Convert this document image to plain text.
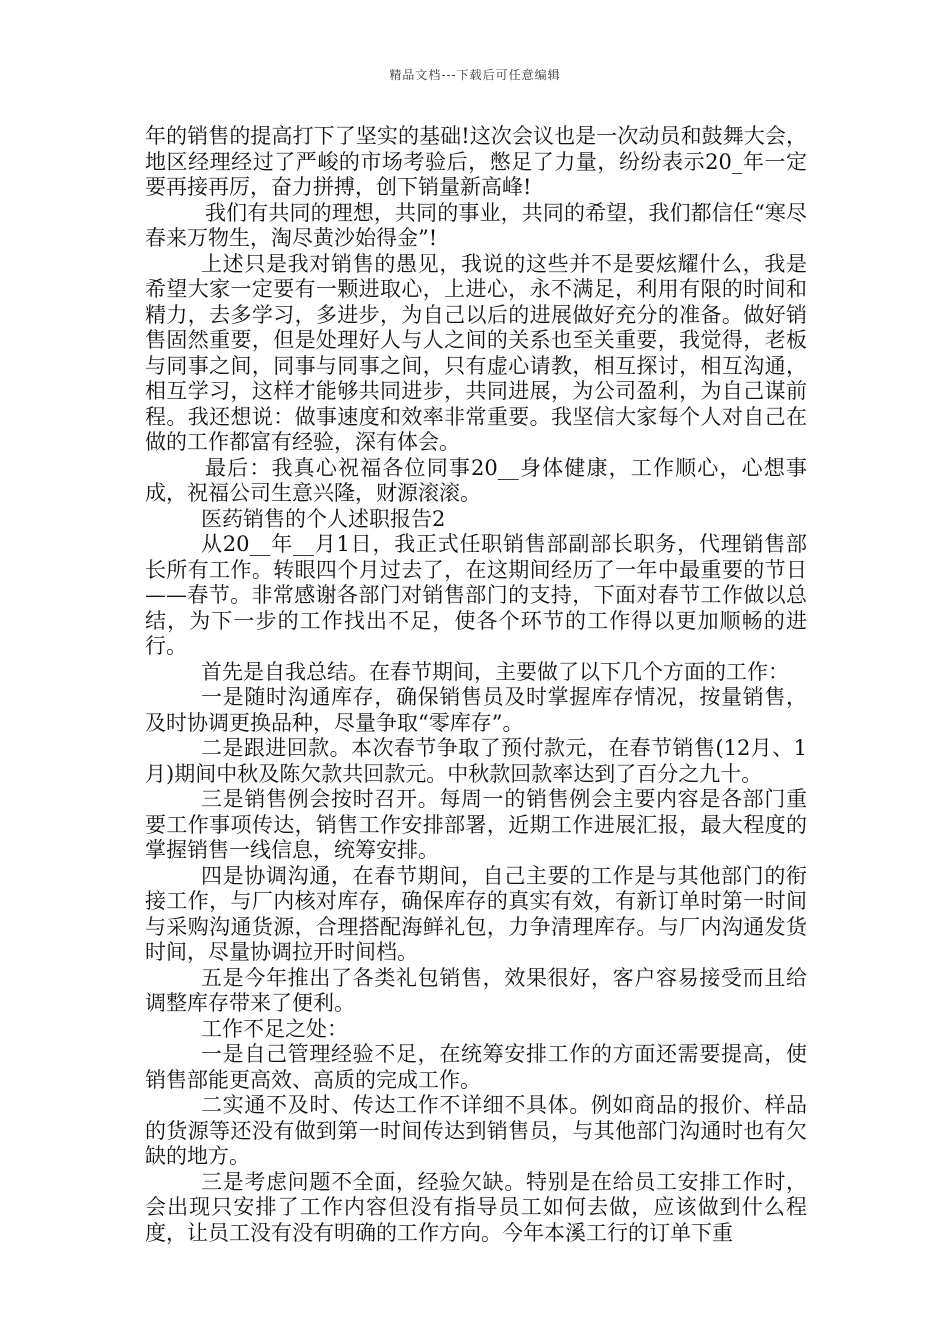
精品文档---下载后可任意编辑

年的销售的提高打下了坚实的基础!这次会议也是一次动员和鼓舞大会，地区经理经过了严峻的市场考验后，憋足了力量，纷纷表示20_年一定要再接再厉，奋力拼搏，创下销量新高峰!

我们有共同的理想，共同的事业，共同的希望，我们都信任“寒尽春来万物生，淘尽黄沙始得金”!

上述只是我对销售的愚见，我说的这些并不是要炫耀什么，我是希望大家一定要有一颗进取心，上进心，永不满足，利用有限的时间和精力，去多学习，多进步，为自己以后的进展做好充分的准备。做好销售固然重要，但是处理好人与人之间的关系也至关重要，我觉得，老板与同事之间，同事与同事之间，只有虚心请教，相互探讨，相互沟通，相互学习，这样才能够共同进步，共同进展，为公司盈利，为自己谋前程。我还想说：做事速度和效率非常重要。我坚信大家每个人对自己在做的工作都富有经验，深有体会。

最后：我真心祝福各位同事20__身体健康，工作顺心，心想事成，祝福公司生意兴隆，财源滚滚。

医药销售的个人述职报告2

从20__年__月1日，我正式任职销售部副部长职务，代理销售部长所有工作。转眼四个月过去了，在这期间经历了一年中最重要的节日——春节。非常感谢各部门对销售部门的支持，下面对春节工作做以总结，为下一步的工作找出不足，使各个环节的工作得以更加顺畅的进行。

首先是自我总结。在春节期间，主要做了以下几个方面的工作：

一是随时沟通库存，确保销售员及时掌握库存情况，按量销售，及时协调更换品种，尽量争取“零库存”。

二是跟进回款。本次春节争取了预付款元，在春节销售(12月、1月)期间中秋及陈欠款共回款元。中秋款回款率达到了百分之九十。

三是销售例会按时召开。每周一的销售例会主要内容是各部门重要工作事项传达，销售工作安排部署，近期工作进展汇报，最大程度的掌握销售一线信息，统筹安排。

四是协调沟通，在春节期间，自己主要的工作是与其他部门的衔接工作，与厂内核对库存，确保库存的真实有效，有新订单时第一时间与采购沟通货源，合理搭配海鲜礼包，力争清理库存。与厂内沟通发货时间，尽量协调拉开时间档。

五是今年推出了各类礼包销售，效果很好，客户容易接受而且给调整库存带来了便利。

工作不足之处：

一是自己管理经验不足，在统筹安排工作的方面还需要提高，使销售部能更高效、高质的完成工作。

二实通不及时、传达工作不详细不具体。例如商品的报价、样品的货源等还没有做到第一时间传达到销售员，与其他部门沟通时也有欠缺的地方。

三是考虑问题不全面，经验欠缺。特别是在给员工安排工作时，会出现只安排了工作内容但没有指导员工如何去做，应该做到什么程度，让员工没有没有明确的工作方向。今年本溪工行的订单下重
